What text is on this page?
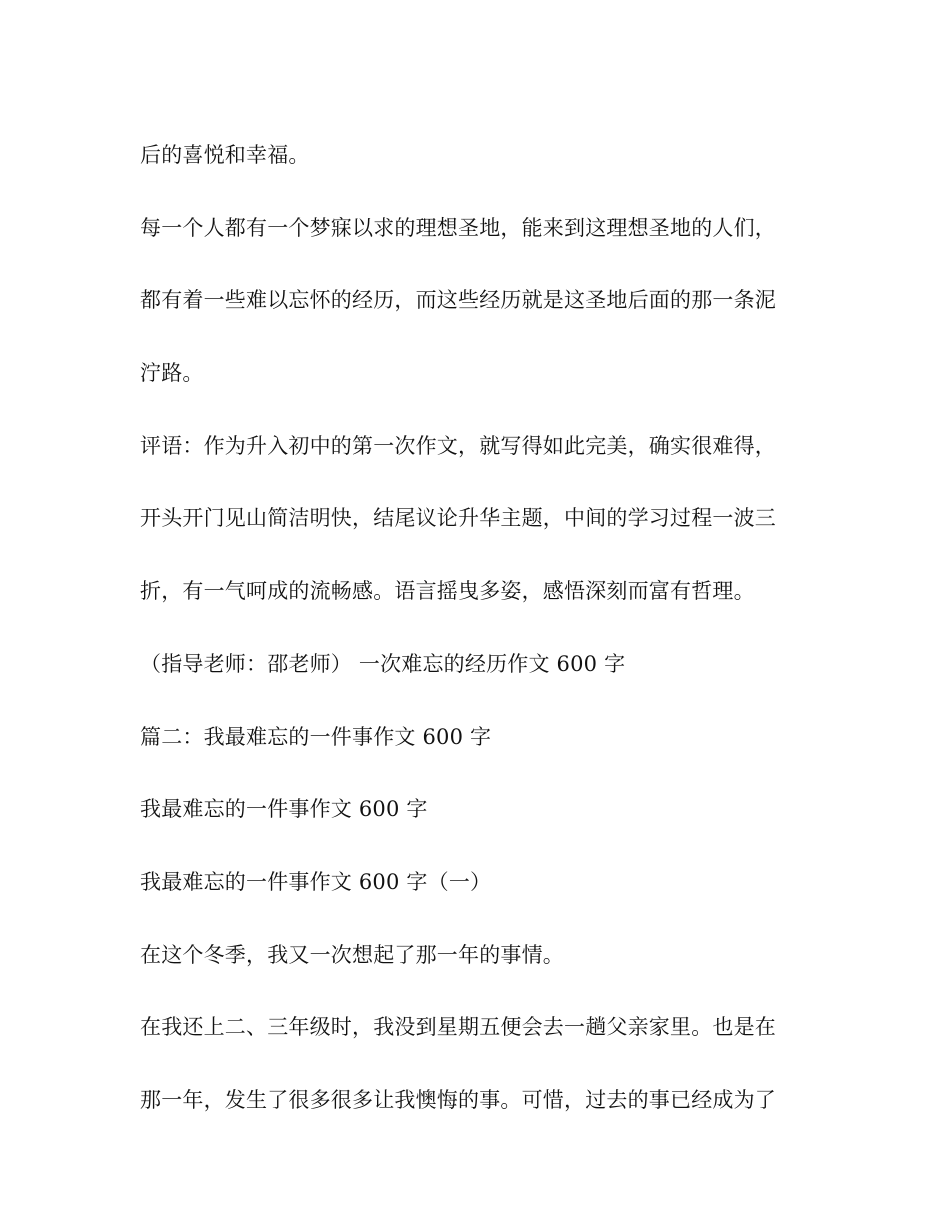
后的喜悦和幸福。
每一个人都有一个梦寐以求的理想圣地，能来到这理想圣地的人们，
都有着一些难以忘怀的经历，而这些经历就是这圣地后面的那一条泥
泞路。
评语：作为升入初中的第一次作文，就写得如此完美，确实很难得，
开头开门见山简洁明快，结尾议论升华主题，中间的学习过程一波三
折，有一气呵成的流畅感。语言摇曳多姿，感悟深刻而富有哲理。
（指导老师：邵老师） 一次难忘的经历作文 600 字
篇二：我最难忘的一件事作文 600 字
我最难忘的一件事作文 600 字
我最难忘的一件事作文 600 字（一）
在这个冬季，我又一次想起了那一年的事情。
在我还上二、三年级时，我没到星期五便会去一趟父亲家里。也是在
那一年，发生了很多很多让我懊悔的事。可惜，过去的事已经成为了
